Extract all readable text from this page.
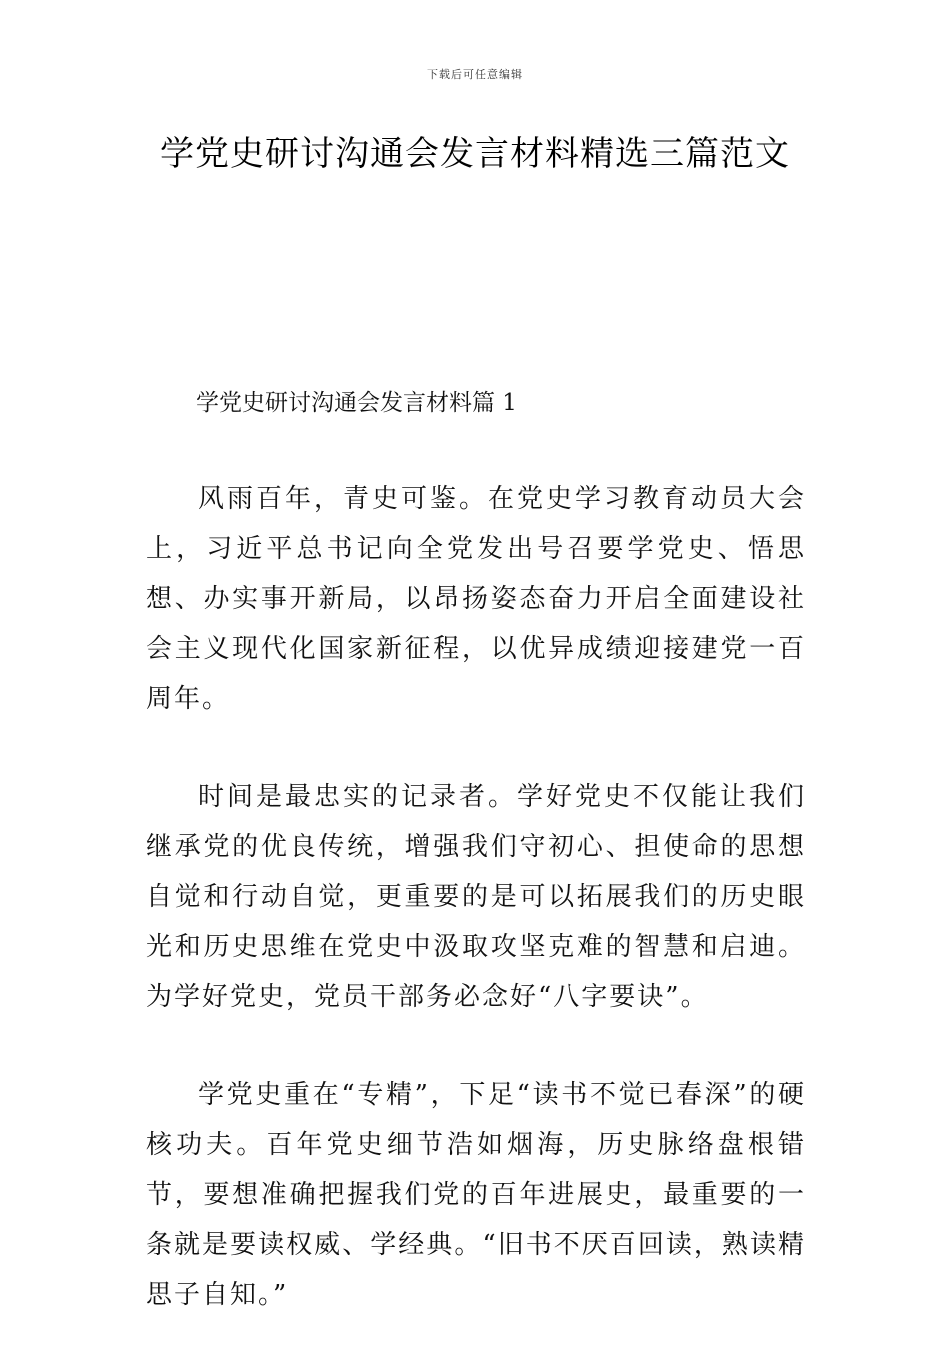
下载后可任意编辑
学党史研讨沟通会发言材料精选三篇范文
学党史研讨沟通会发言材料篇 1

风雨百年，青史可鉴。在党史学习教育动员大会上，习近平总书记向全党发出号召要学党史、悟思想、办实事开新局，以昂扬姿态奋力开启全面建设社会主义现代化国家新征程，以优异成绩迎接建党一百周年。

时间是最忠实的记录者。学好党史不仅能让我们继承党的优良传统，增强我们守初心、担使命的思想自觉和行动自觉，更重要的是可以拓展我们的历史眼光和历史思维在党史中汲取攻坚克难的智慧和启迪。为学好党史，党员干部务必念好“八字要诀”。

学党史重在“专精”，下足“读书不觉已春深”的硬核功夫。百年党史细节浩如烟海，历史脉络盘根错节，要想准确把握我们党的百年进展史，最重要的一条就是要读权威、学经典。“旧书不厌百回读，熟读精思子自知。”
